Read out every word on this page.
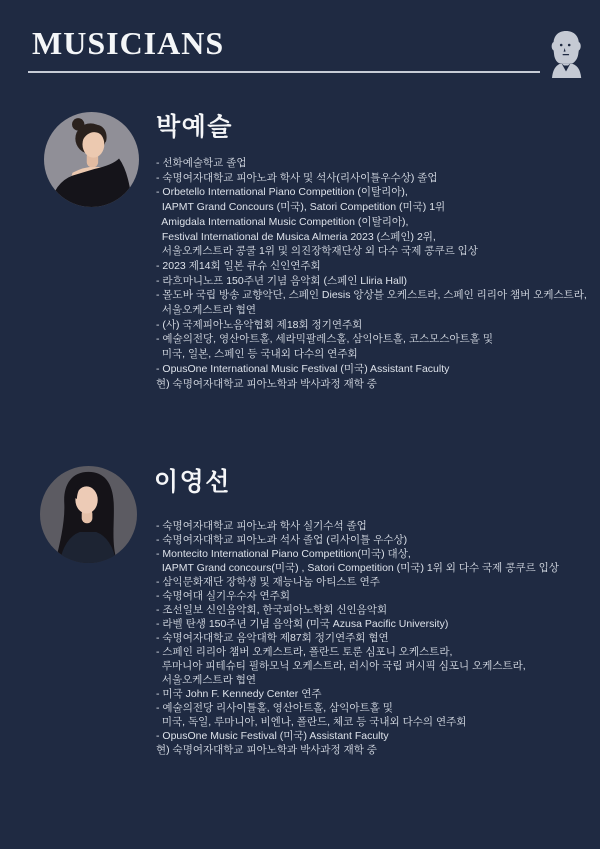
MUSICIANS
박예슬
- 선화예술학교 졸업
- 숙명여자대학교 피아노과 학사 및 석사(리사이틀우수상) 졸업
- Orbetello International Piano Competition (이탈리아),
IAPMT Grand Concours (미국), Satori Competition (미국) 1위
Amigdala International Music Competition (이탈리아),
Festival International de Musica Almeria 2023 (스페인) 2위,
서울오케스트라 콩쿨 1위 및 의진장학재단상 외 다수 국제 콩쿠르 입상
- 2023 제14회 일본 큐슈 신인연주회
- 라흐마니노프 150주년 기념 음악회 (스페인 Lliria Hall)
- 몰도바 국립 방송 교향악단, 스페인 Diesis 앙상블 오케스트라, 스페인 리리아 챔버 오케스트라,
서울오케스트라 협연
- (사) 국제피아노음악협회 제18회 정기연주회
- 예술의전당, 영산아트홀, 세라믹팔레스홀, 삼익아트홀, 코스모스아트홀 및
미국, 일본, 스페인 등 국내외 다수의 연주회
- OpusOne International Music Festival (미국) Assistant Faculty
현) 숙명여자대학교 피아노학과 박사과정 재학 중
이영선
- 숙명여자대학교 피아노과 학사 실기수석 졸업
- 숙명여자대학교 피아노과 석사 졸업 (리사이틀 우수상)
- Montecito International Piano Competition(미국) 대상,
IAPMT Grand concours(미국) , Satori Competition (미국) 1위 외 다수 국제 콩쿠르 입상
- 삼익문화재단 장학생 및 재능나눔 아티스트 연주
- 숙명여대 실기우수자 연주회
- 조선일보 신인음악회, 한국피아노학회 신인음악회
- 라벨 탄생 150주년 기념 음악회 (미국 Azusa Pacific University)
- 숙명여자대학교 음악대학 제87회 정기연주회 협연
- 스페인 리리아 챔버 오케스트라, 폴란드 토룬 심포니 오케스트라,
루마니아 피테슈티 필하모닉 오케스트라, 러시아 국립 퍼시픽 심포니 오케스트라,
서울오케스트라 협연
- 미국 John F. Kennedy Center 연주
- 예술의전당 리사이틀홀, 영산아트홀, 삼익아트홀 및
미국, 독일, 루마니아, 비엔나, 폴란드, 체코 등 국내외 다수의 연주회
- OpusOne Music Festival (미국) Assistant Faculty
현) 숙명여자대학교 피아노학과 박사과정 재학 중
